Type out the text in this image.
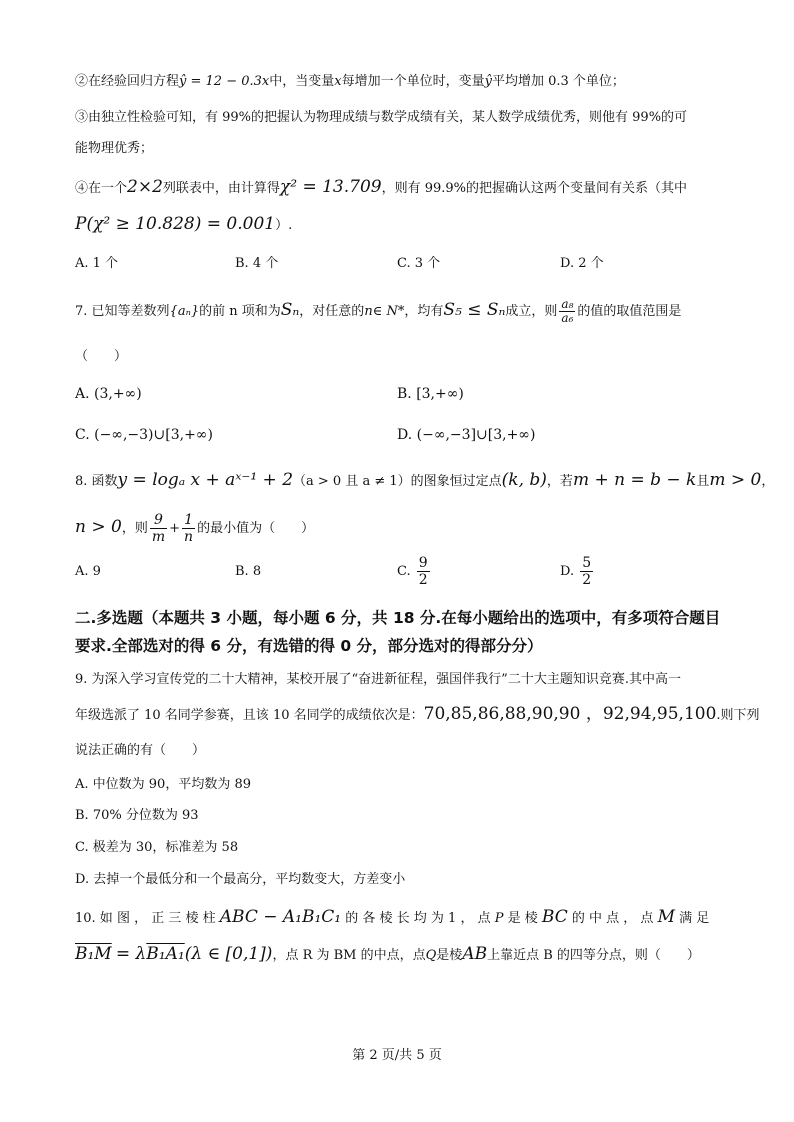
②在经验回归方程ŷ = 12 − 0.3x中，当变量x每增加一个单位时，变量ŷ平均增加 0.3 个单位；
③由独立性检验可知，有 99%的把握认为物理成绩与数学成绩有关，某人数学成绩优秀，则他有 99%的可
能物理优秀；
④在一个2×2列联表中，由计算得χ² = 13.709，则有 99.9%的把握确认这两个变量间有关系（其中
P(χ² ≥ 10.828) = 0.001）.
A. 1 个	B. 4 个	C. 3 个	D. 2 个
7. 已知等差数列{aₙ}的前 n 项和为Sₙ，对任意的n∈ N*，均有S₅ ≤ Sₙ成立，则 $\frac{\text{a₈}}{\text{a₆}}$ 的值的取值范围是
（　　）
A. (3,+∞)	B. [3,+∞)
C. (−∞,−3)∪[3,+∞)	D. (−∞,−3]∪[3,+∞)
8. 函数y = logₐ x + aˣ⁻¹ + 2（a > 0 且 a ≠ 1）的图象恒过定点(k, b)，若m + n = b − k且m > 0，
n > 0，则 $\frac{9}{m} + \frac{1}{n}$ 的最小值为（　　）
A. 9	B. 8	C. $\frac{9}{2}$	D. $\frac{5}{2}$
二.多选题（本题共 3 小题，每小题 6 分，共 18 分.在每小题给出的选项中，有多项符合题目
要求.全部选对的得 6 分，有选错的得 0 分，部分选对的得部分分）
9. 为深入学习宣传党的二十大精神，某校开展了“奋进新征程，强国伴我行”二十大主题知识竞赛.其中高一
年级选派了 10 名同学参赛，且该 10 名同学的成绩依次是：70,85,86,88,90,90 ，92,94,95,100.则下列
说法正确的有（　　）
A. 中位数为 90，平均数为 89
B. 70% 分位数为 93
C. 极差为 30，标准差为 58
D. 去掉一个最低分和一个最高分，平均数变大，方差变小
10. 如 图 ， 正 三 棱 柱 ABC − A₁B₁C₁ 的 各 棱 长 均 为 1 ， 点 P 是 棱 BC 的 中 点 ， 点 M 满 足
B₁M = λB₁A₁(λ ∈ [0,1])，点 R 为 BM 的中点，点Q是棱AB上靠近点 B 的四等分点，则（　　）
第 2 页/共 5 页
